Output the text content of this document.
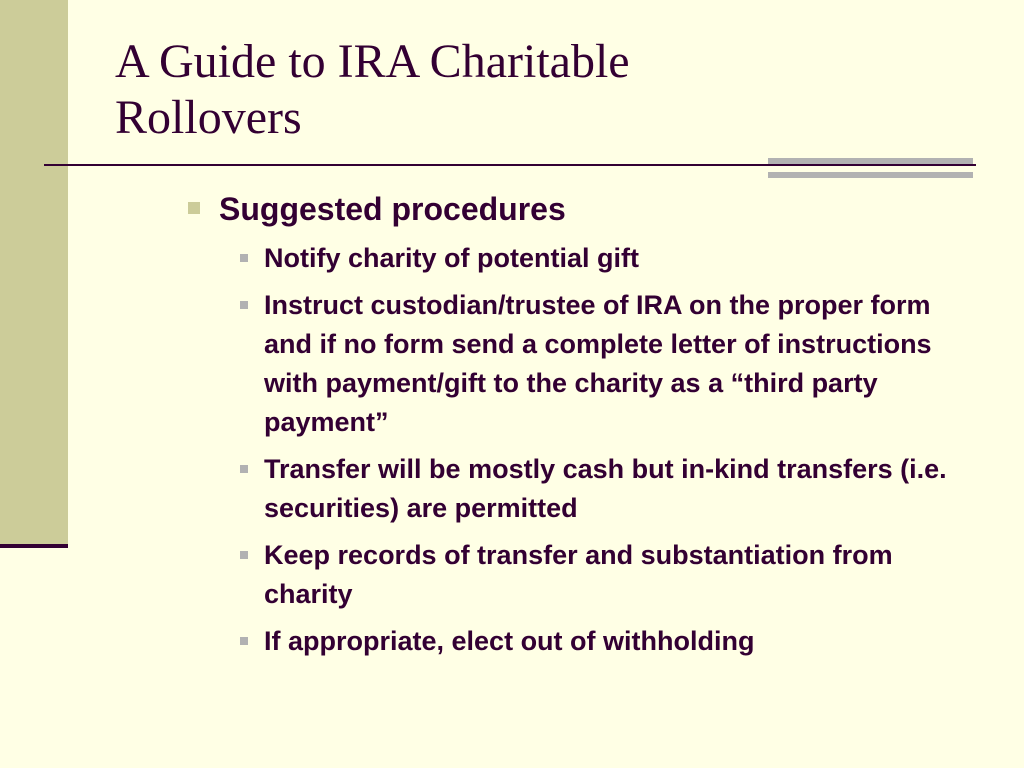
A Guide to IRA Charitable Rollovers
Suggested procedures
Notify charity of potential gift
Instruct custodian/trustee of IRA on the proper form and if no form send a complete letter of instructions with payment/gift to the charity as a “third party payment”
Transfer will be mostly cash but in-kind transfers (i.e. securities) are permitted
Keep records of transfer and substantiation from charity
If appropriate, elect out of withholding
